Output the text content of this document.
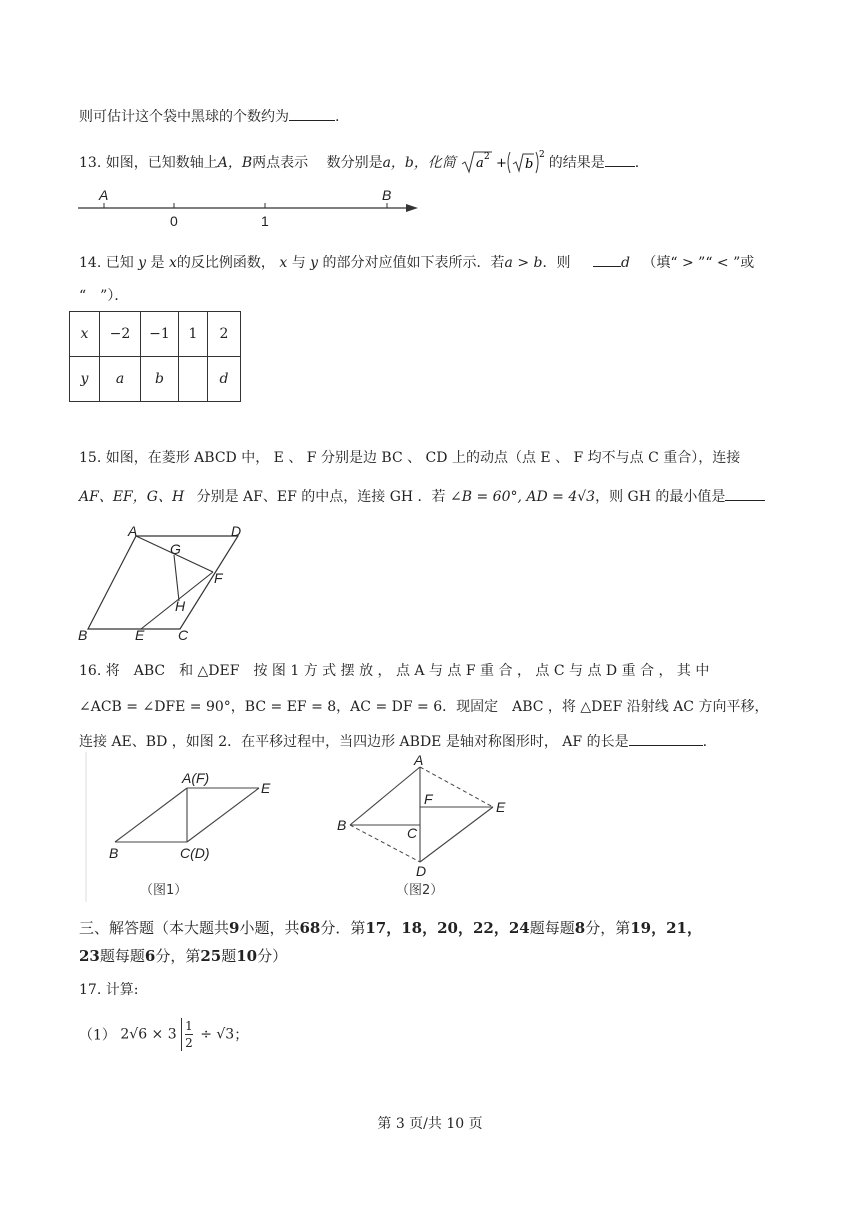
则可估计这个袋中黑球的个数约为	.
13. 如图，已知数轴上A，B两点表示 数分别是a，b，化简 a 2 + b
2 的结果是 .
A	B
0	1
14. 已知 y 是 x的反比例函数， x 与 y 的部分对应值如下表所示．若a > b．则	d （填“ > ”“ < ”或
“　”）．
x	−2	−1	1	2
y	a	b		d
15. 如图，在菱形 ABCD 中， E 、 F 分别是边 BC 、 CD 上的动点（点 E 、 F 均不与点 C 重合），连接
AF、EF，G、H 分别是 AF、EF 的中点，连接 GH ．若 ∠B = 60°, AD = 4√3，则 GH 的最小值是
A	D
G
F
H
B	E C
16. 将　ABC　和 △DEF　按 图 1 方 式 摆 放 ， 点 A 与 点 F 重 合 ， 点 C 与 点 D 重 合 ， 其 中
∠ACB = ∠DFE = 90°，BC = EF = 8，AC = DF = 6．现固定　ABC ，将 △DEF 沿射线 AC 方向平移，
连接 AE、BD ，如图 2．在平移过程中，当四边形 ABDE 是轴对称图形时， AF 的长是	.
A(F)
E
B	C(D)
（图1）
A
F	E
B	C
D
（图2）
三、解答题（本大题共9小题，共68分．第17，18，20，22，24题每题8分，第19，21，
23题每题6分，第25题10分）
17. 计算:
（1） $2√6 \times 3 \frac{1}{2} \div √3$；
第 3 页/共 10 页
